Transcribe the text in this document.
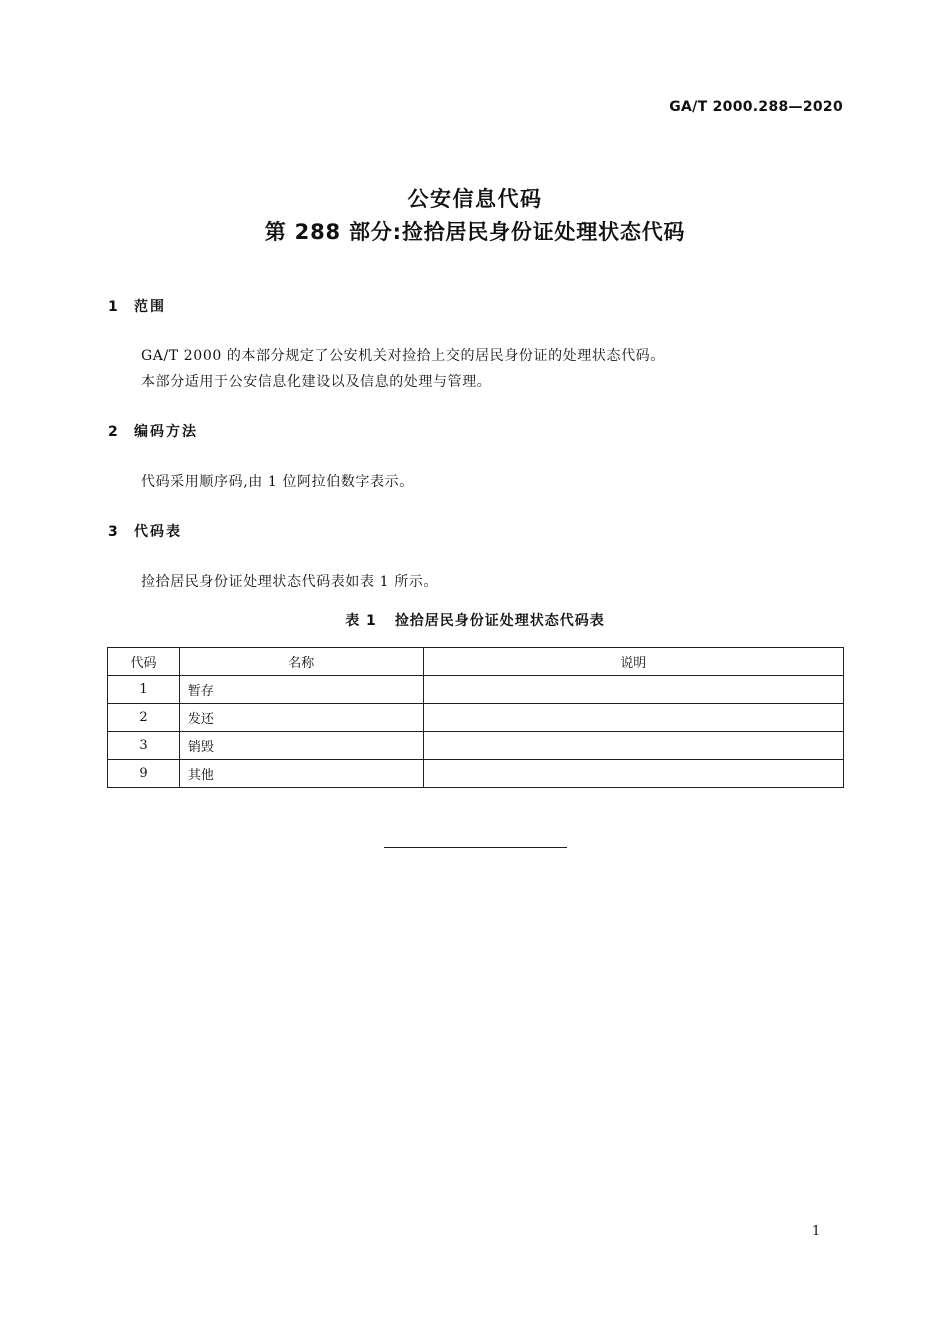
GA/T 2000.288—2020
公安信息代码
第 288 部分:捡拾居民身份证处理状态代码
1 范围
GA/T 2000 的本部分规定了公安机关对捡拾上交的居民身份证的处理状态代码。
本部分适用于公安信息化建设以及信息的处理与管理。
2 编码方法
代码采用顺序码,由 1 位阿拉伯数字表示。
3 代码表
捡拾居民身份证处理状态代码表如表 1 所示。
表 1 捡拾居民身份证处理状态代码表
代码	名称	说明
1	暂存	
2	发还	
3	销毁	
9	其他	
1
